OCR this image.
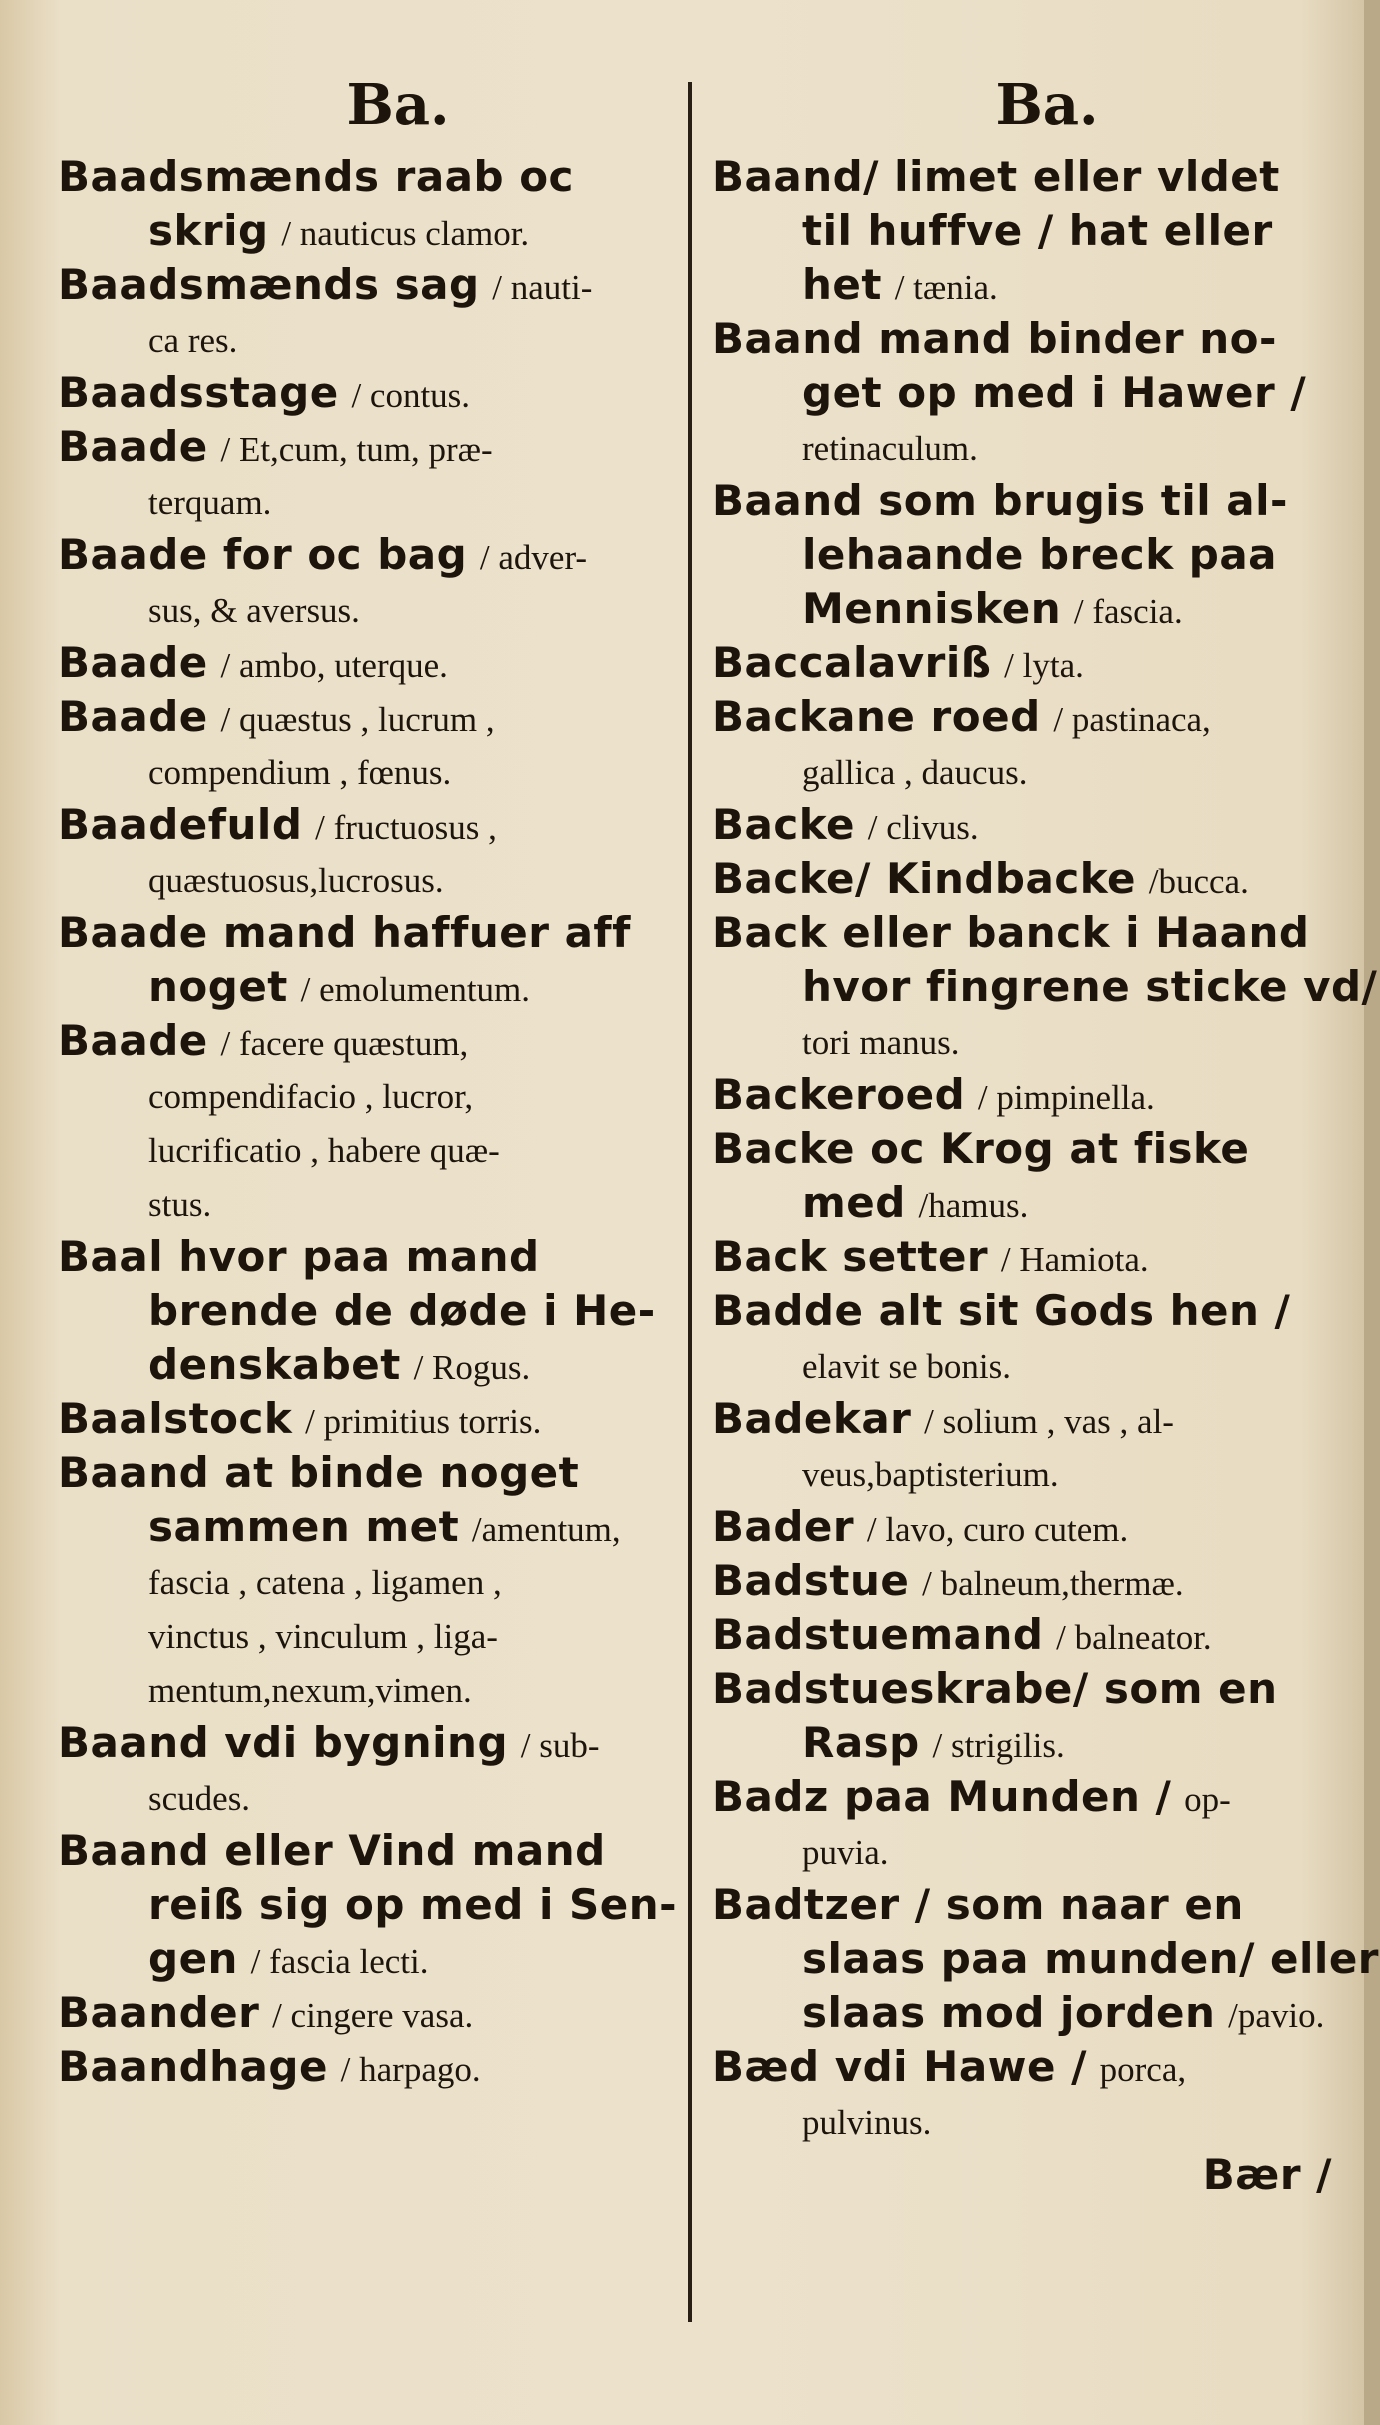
Ba.
Baadsmænds raab oc
skrig / nauticus clamor.
Baadsmænds sag / nauti-
ca res.
Baadsstage / contus.
Baade / Et,cum, tum, præ-
terquam.
Baade for oc bag / adver-
sus, & aversus.
Baade / ambo, uterque.
Baade / quæstus , lucrum ,
compendium , fœnus.
Baadefuld / fructuosus ,
quæstuosus,lucrosus.
Baade mand haffuer aff
noget / emolumentum.
Baade / facere quæstum,
compendifacio , lucror,
lucrificatio , habere quæ-
stus.
Baal hvor paa mand
brende de døde i He-
denskabet / Rogus.
Baalstock / primitius torris.
Baand at binde noget
sammen met /amentum,
fascia , catena , ligamen ,
vinctus , vinculum , liga-
mentum,nexum,vimen.
Baand vdi bygning / sub-
scudes.
Baand eller Vind mand
reiß sig op med i Sen-
gen / fascia lecti.
Baander / cingere vasa.
Baandhage / harpago.
Ba.
Baand/ limet eller vldet
til huffve / hat eller
het / tænia.
Baand mand binder no-
get op med i Hawer /
retinaculum.
Baand som brugis til al-
lehaande breck paa
Mennisken / fascia.
Baccalavriß / lyta.
Backane roed / pastinaca,
gallica , daucus.
Backe / clivus.
Backe/ Kindbacke /bucca.
Back eller banck i Haand
hvor fingrene sticke vd/
tori manus.
Backeroed / pimpinella.
Backe oc Krog at fiske
med /hamus.
Back setter / Hamiota.
Badde alt sit Gods hen /
elavit se bonis.
Badekar / solium , vas , al-
veus,baptisterium.
Bader / lavo, curo cutem.
Badstue / balneum,thermæ.
Badstuemand / balneator.
Badstueskrabe/ som en
Rasp / strigilis.
Badz paa Munden / op-
puvia.
Badtzer / som naar en
slaas paa munden/ eller
slaas mod jorden /pavio.
Bæd vdi Hawe / porca,
pulvinus.
Bær /
